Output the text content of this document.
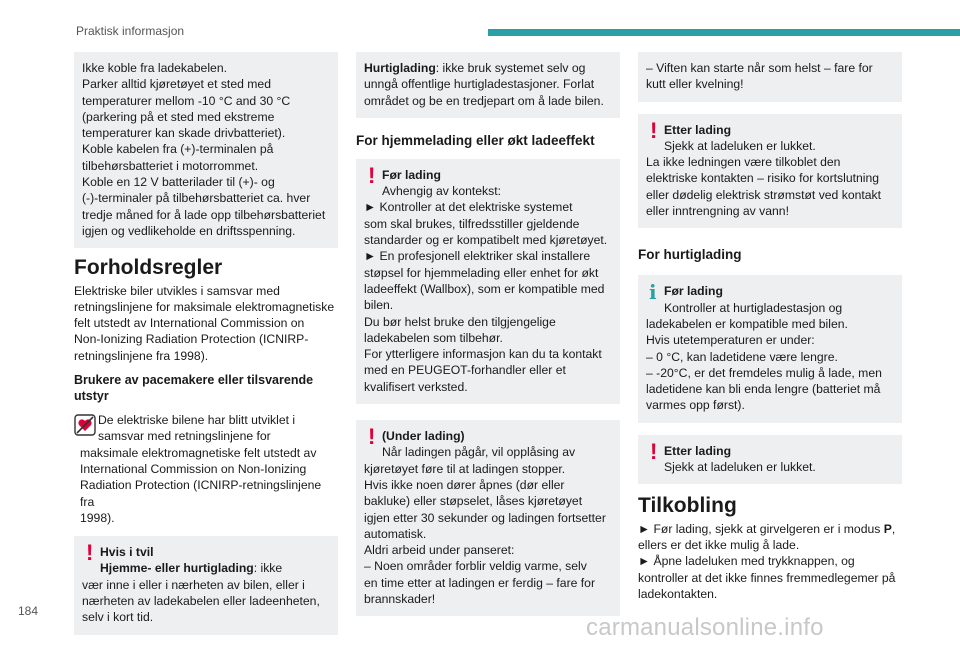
Praktisk informasjon
Ikke koble fra ladekabelen.
Parker alltid kjøretøyet et sted med
temperaturer mellom -10 °C and 30 °C
(parkering på et sted med ekstreme
temperaturer kan skade drivbatteriet).
Koble kabelen fra (+)-terminalen på
tilbehørsbatteriet i motorrommet.
Koble en 12 V batterilader til (+)- og
(-)-terminaler på tilbehørsbatteriet ca. hver
tredje måned for å lade opp tilbehørsbatteriet
igjen og vedlikeholde en driftsspenning.
Forholdsregler

Elektriske biler utvikles i samsvar med
retningslinjene for maksimale elektromagnetiske
felt utstedt av International Commission on
Non-Ionizing Radiation Protection (ICNIRP-
retningslinjene fra 1998).

Brukere av pacemakere eller tilsvarende utstyr
De elektriske bilene har blitt utviklet i
samsvar med retningslinjene for
maksimale elektromagnetiske felt utstedt av
International Commission on Non-Ionizing
Radiation Protection (ICNIRP-retningslinjene fra
1998).
! Hvis i tvil
Hjemme- eller hurtiglading: ikke
vær inne i eller i nærheten av bilen, eller i
nærheten av ladekabelen eller ladeenheten,
selv i kort tid.
Hurtiglading: ikke bruk systemet selv og
unngå offentlige hurtigladestasjoner. Forlat
området og be en tredjepart om å lade bilen.
For hjemmelading eller økt ladeeffekt
! Før lading
Avhengig av kontekst:
► Kontroller at det elektriske systemet
som skal brukes, tilfredsstiller gjeldende
standarder og er kompatibelt med kjøretøyet.
► En profesjonell elektriker skal installere
støpsel for hjemmelading eller enhet for økt
ladeeffekt (Wallbox), som er kompatible med
bilen.
Du bør helst bruke den tilgjengelige
ladekabelen som tilbehør.
For ytterligere informasjon kan du ta kontakt
med en PEUGEOT-forhandler eller et
kvalifisert verksted.
! (Under lading)
Når ladingen pågår, vil opplåsing av
kjøretøyet føre til at ladingen stopper.
Hvis ikke noen dører åpnes (dør eller
bakluke) eller støpselet, låses kjøretøyet
igjen etter 30 sekunder og ladingen fortsetter
automatisk.
Aldri arbeid under panseret:
– Noen områder forblir veldig varme, selv
en time etter at ladingen er ferdig – fare for
brannskader!
– Viften kan starte når som helst – fare for
kutt eller kvelning!
! Etter lading
Sjekk at ladeluken er lukket.
La ikke ledningen være tilkoblet den
elektriske kontakten – risiko for kortslutning
eller dødelig elektrisk strømstøt ved kontakt
eller inntrengning av vann!
For hurtiglading
i Før lading
Kontroller at hurtigladestasjon og
ladekabelen er kompatible med bilen.
Hvis utetemperaturen er under:
– 0 °C, kan ladetidene være lengre.
– -20°C, er det fremdeles mulig å lade, men
ladetidene kan bli enda lengre (batteriet må
varmes opp først).
! Etter lading
Sjekk at ladeluken er lukket.
Tilkobling

► Før lading, sjekk at girvelgeren er i modus P,
ellers er det ikke mulig å lade.
► Åpne ladeluken med trykknappen, og
kontroller at det ikke finnes fremmedlegemer på
ladekontakten.

184
carmanualsonline.info
